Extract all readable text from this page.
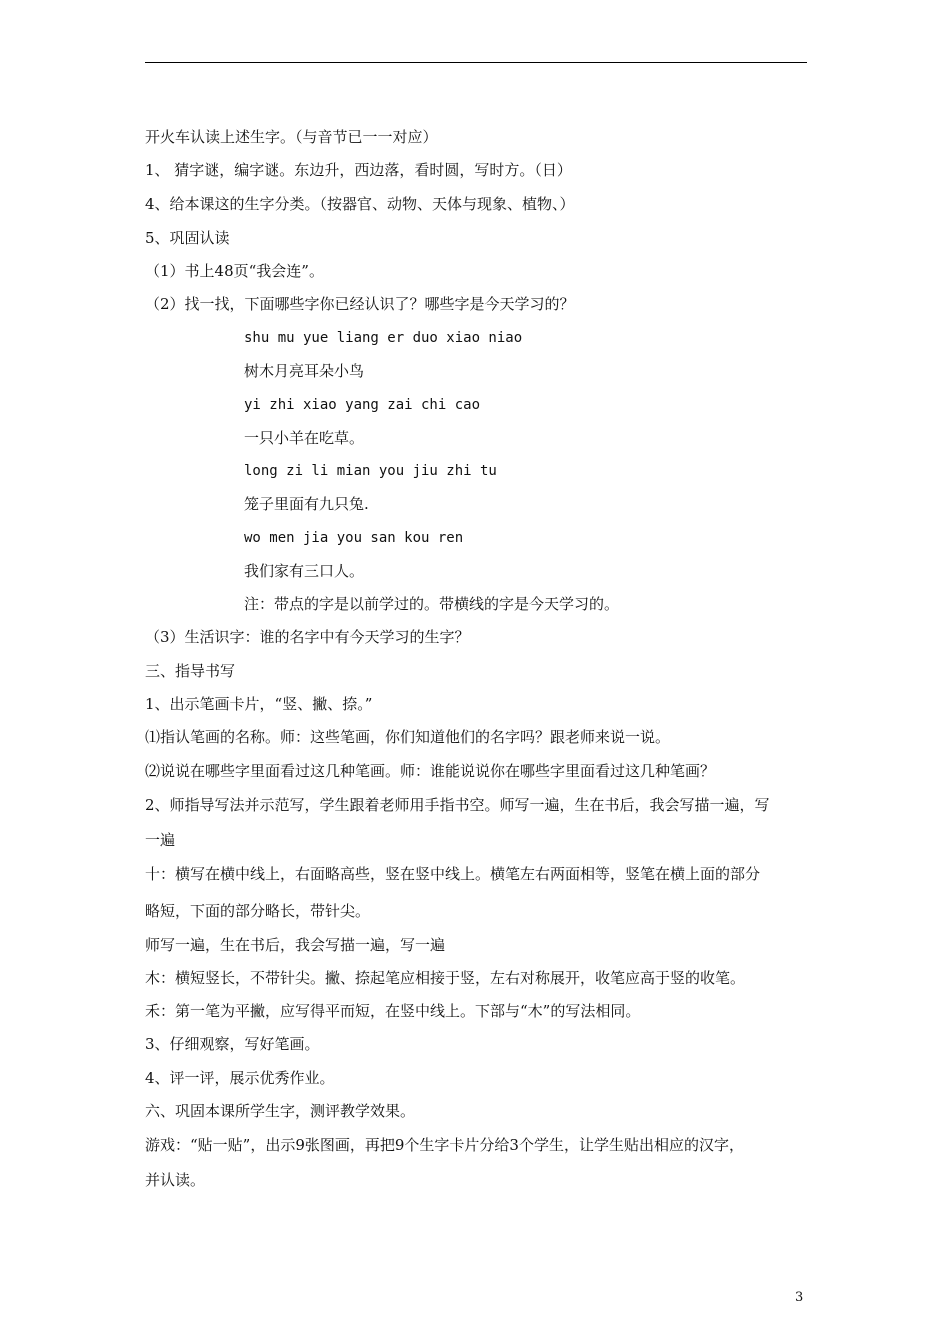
开火车认读上述生字。（与音节已一一对应）
1、 猜字谜，编字谜。东边升，西边落，看时圆，写时方。（日）
4、给本课这的生字分类。（按器官、动物、天体与现象、植物、）
5、巩固认读
（1）书上48页“我会连”。
（2）找一找，下面哪些字你已经认识了？哪些字是今天学习的？
shu mu yue liang er duo xiao niao
树木月亮耳朵小鸟
yi zhi xiao yang zai chi cao
一只小羊在吃草。
long zi li mian you jiu zhi tu
笼子里面有九只兔.
wo men jia you san kou ren
我们家有三口人。
注：带点的字是以前学过的。带横线的字是今天学习的。
（3）生活识字：谁的名字中有今天学习的生字？
三、指导书写
1、出示笔画卡片，“竖、撇、捺。”
⑴指认笔画的名称。师：这些笔画，你们知道他们的名字吗？跟老师来说一说。
⑵说说在哪些字里面看过这几种笔画。师：谁能说说你在哪些字里面看过这几种笔画？
2、师指导写法并示范写，学生跟着老师用手指书空。师写一遍，生在书后，我会写描一遍，写
一遍
十：横写在横中线上，右面略高些，竖在竖中线上。横笔左右两面相等，竖笔在横上面的部分
略短，下面的部分略长，带针尖。
师写一遍，生在书后，我会写描一遍，写一遍
木：横短竖长，不带针尖。撇、捺起笔应相接于竖，左右对称展开，收笔应高于竖的收笔。
禾：第一笔为平撇，应写得平而短，在竖中线上。下部与“木”的写法相同。
3、仔细观察，写好笔画。
4、评一评，展示优秀作业。
六、巩固本课所学生字，测评教学效果。
游戏：“贴一贴”，出示9张图画，再把9个生字卡片分给3个学生，让学生贴出相应的汉字，
并认读。
3
